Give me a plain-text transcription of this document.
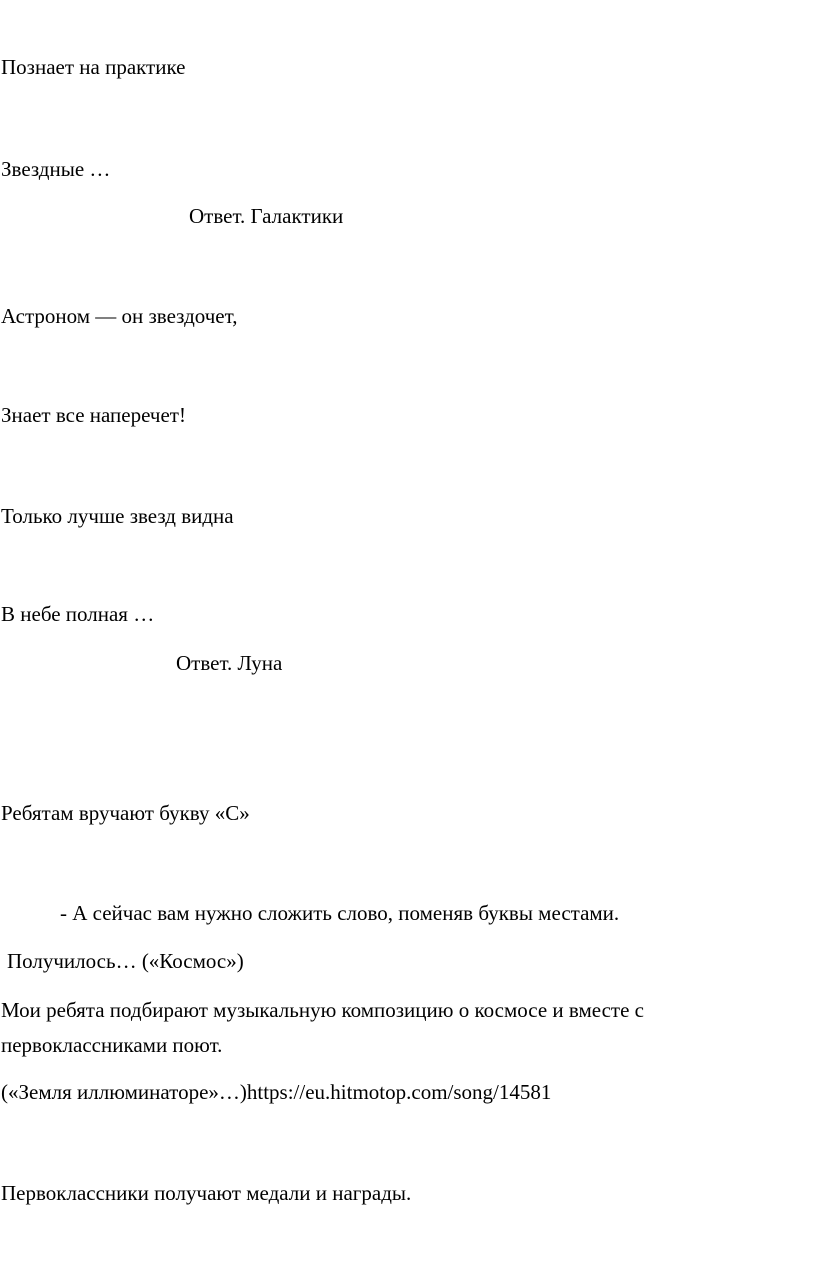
Познает на практике
Звездные …
Ответ. Галактики
Астроном — он звездочет,
Знает все наперечет!
Только лучше звезд видна
В небе полная …
Ответ. Луна
Ребятам вручают букву «С»
- А сейчас вам нужно сложить слово, поменяв буквы местами.
Получилось… («Космос»)
Мои ребята подбирают музыкальную композицию о космосе и вместе с
первоклассниками поют.
(«Земля иллюминаторе»…)https://eu.hitmotop.com/song/14581
Первоклассники получают медали и награды.
